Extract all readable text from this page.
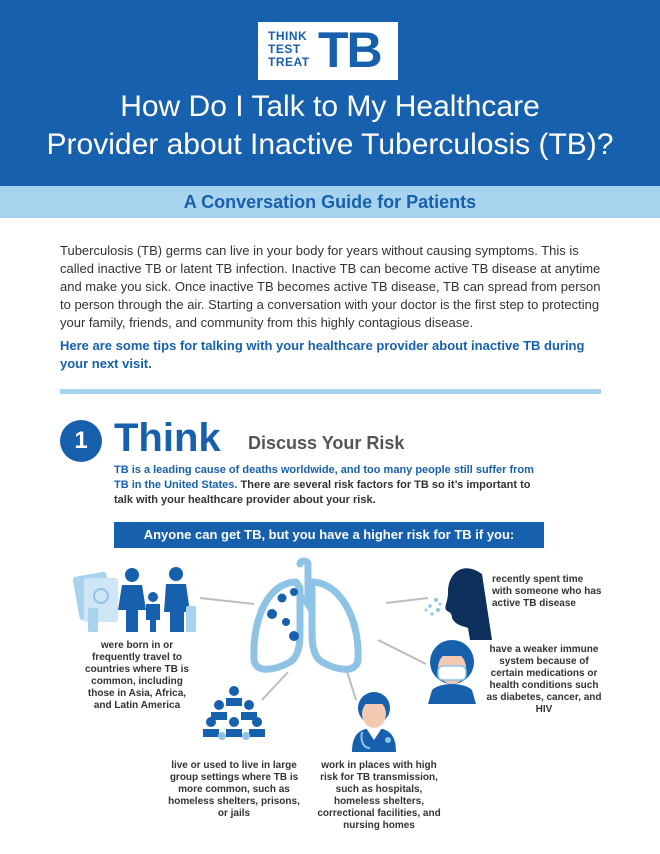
THINK
TEST
TREAT TB
How Do I Talk to My Healthcare
Provider about Inactive Tuberculosis (TB)?
A Conversation Guide for Patients

Tuberculosis (TB) germs can live in your body for years without causing symptoms. This is called inactive TB or latent TB infection. Inactive TB can become active TB disease at anytime and make you sick. Once inactive TB becomes active TB disease, TB can spread from person to person through the air. Starting a conversation with your doctor is the first step to protecting your family, friends, and community from this highly contagious disease.

Here are some tips for talking with your healthcare provider about inactive TB during your next visit.

1 Think Discuss Your Risk

TB is a leading cause of deaths worldwide, and too many people still suffer from TB in the United States. There are several risk factors for TB so it’s important to talk with your healthcare provider about your risk.

Anyone can get TB, but you have a higher risk for TB if you:
were born in or frequently travel to countries where TB is common, including those in Asia, Africa, and Latin America
recently spent time with someone who has active TB disease
have a weaker immune system because of certain medications or health conditions such as diabetes, cancer, and HIV
live or used to live in large group settings where TB is more common, such as homeless shelters, prisons, or jails
work in places with high risk for TB transmission, such as hospitals, homeless shelters, correctional facilities, and nursing homes
